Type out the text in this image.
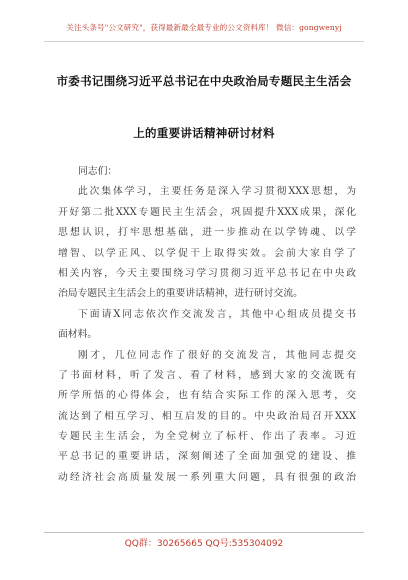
关注头条号"公文研究"，获得最新最全最专业的公文资料库！ 微信：gongwenyj
市委书记围绕习近平总书记在中央政治局专题民主生活会
上的重要讲话精神研讨材料
同志们：
此次集体学习，主要任务是深入学习贯彻XXX思想，为
开好第二批XXX专题民主生活会，巩固提升XXX成果，深化
思想认识，打牢思想基础，进一步推动在以学铸魂、以学
增智、以学正风、以学促干上取得实效。会前大家自学了
相关内容，今天主要围绕习学习贯彻习近平总书记在中央政
治局专题民主生活会上的重要讲话精神，进行研讨交流。
下面请X同志依次作交流发言，其他中心组成员提交书
面材料。
刚才，几位同志作了很好的交流发言，其他同志提交
了书面材料，听了发言、看了材料，感到大家的交流既有
所学所悟的心得体会，也有结合实际工作的深入思考，交
流达到了相互学习、相互启发的目的。中央政治局召开XXX
专题民主生活会，为全党树立了标杆、作出了表率。习近
平总书记的重要讲话，深刻阐述了全面加强党的建设、推
动经济社会高质量发展一系列重大问题，具有很强的政治
QQ群：30265665 QQ号:535304092
